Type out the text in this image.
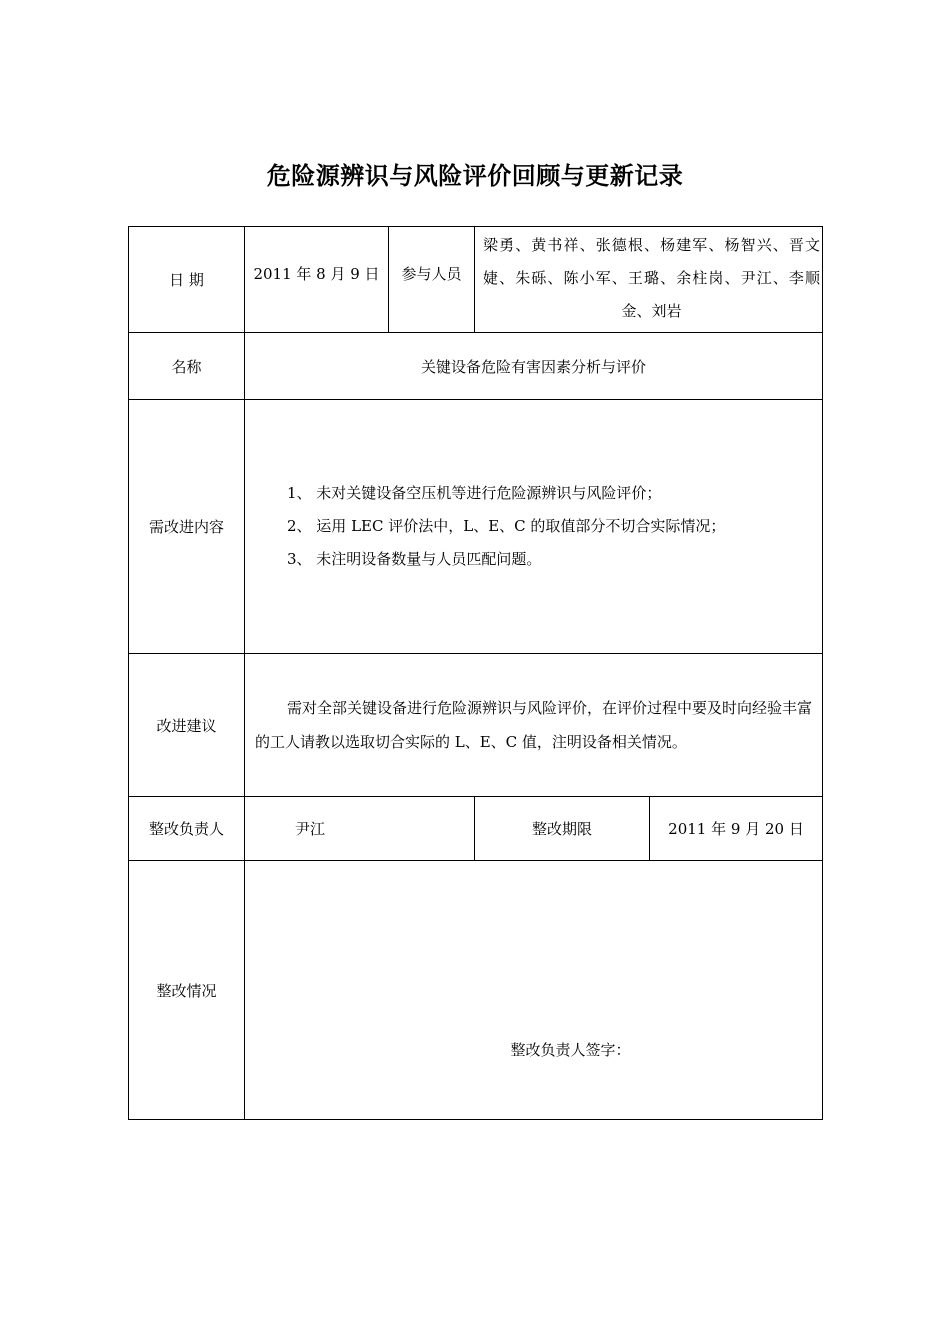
危险源辨识与风险评价回顾与更新记录
日 期	2011 年 8 月 9 日	参与人员	梁勇、黄书祥、张德根、杨建军、杨智兴、晋文婕、朱砾、陈小军、王璐、余柱岗、尹江、李顺金、刘岩	
名称	关键设备危险有害因素分析与评价			
需改进内容	1、 未对关键设备空压机等进行危险源辨识与风险评价；
2、 运用 LEC 评价法中，L、E、C 的取值部分不切合实际情况；
3、 未注明设备数量与人员匹配问题。			

改进建议	需对全部关键设备进行危险源辨识与风险评价，在评价过程中要及时向经验丰富的工人请教以选取切合实际的 L、E、C 值，注明设备相关情况。			
整改负责人	尹江		整改期限	2011 年 9 月 20 日
整改情况	整改负责人签字：			
